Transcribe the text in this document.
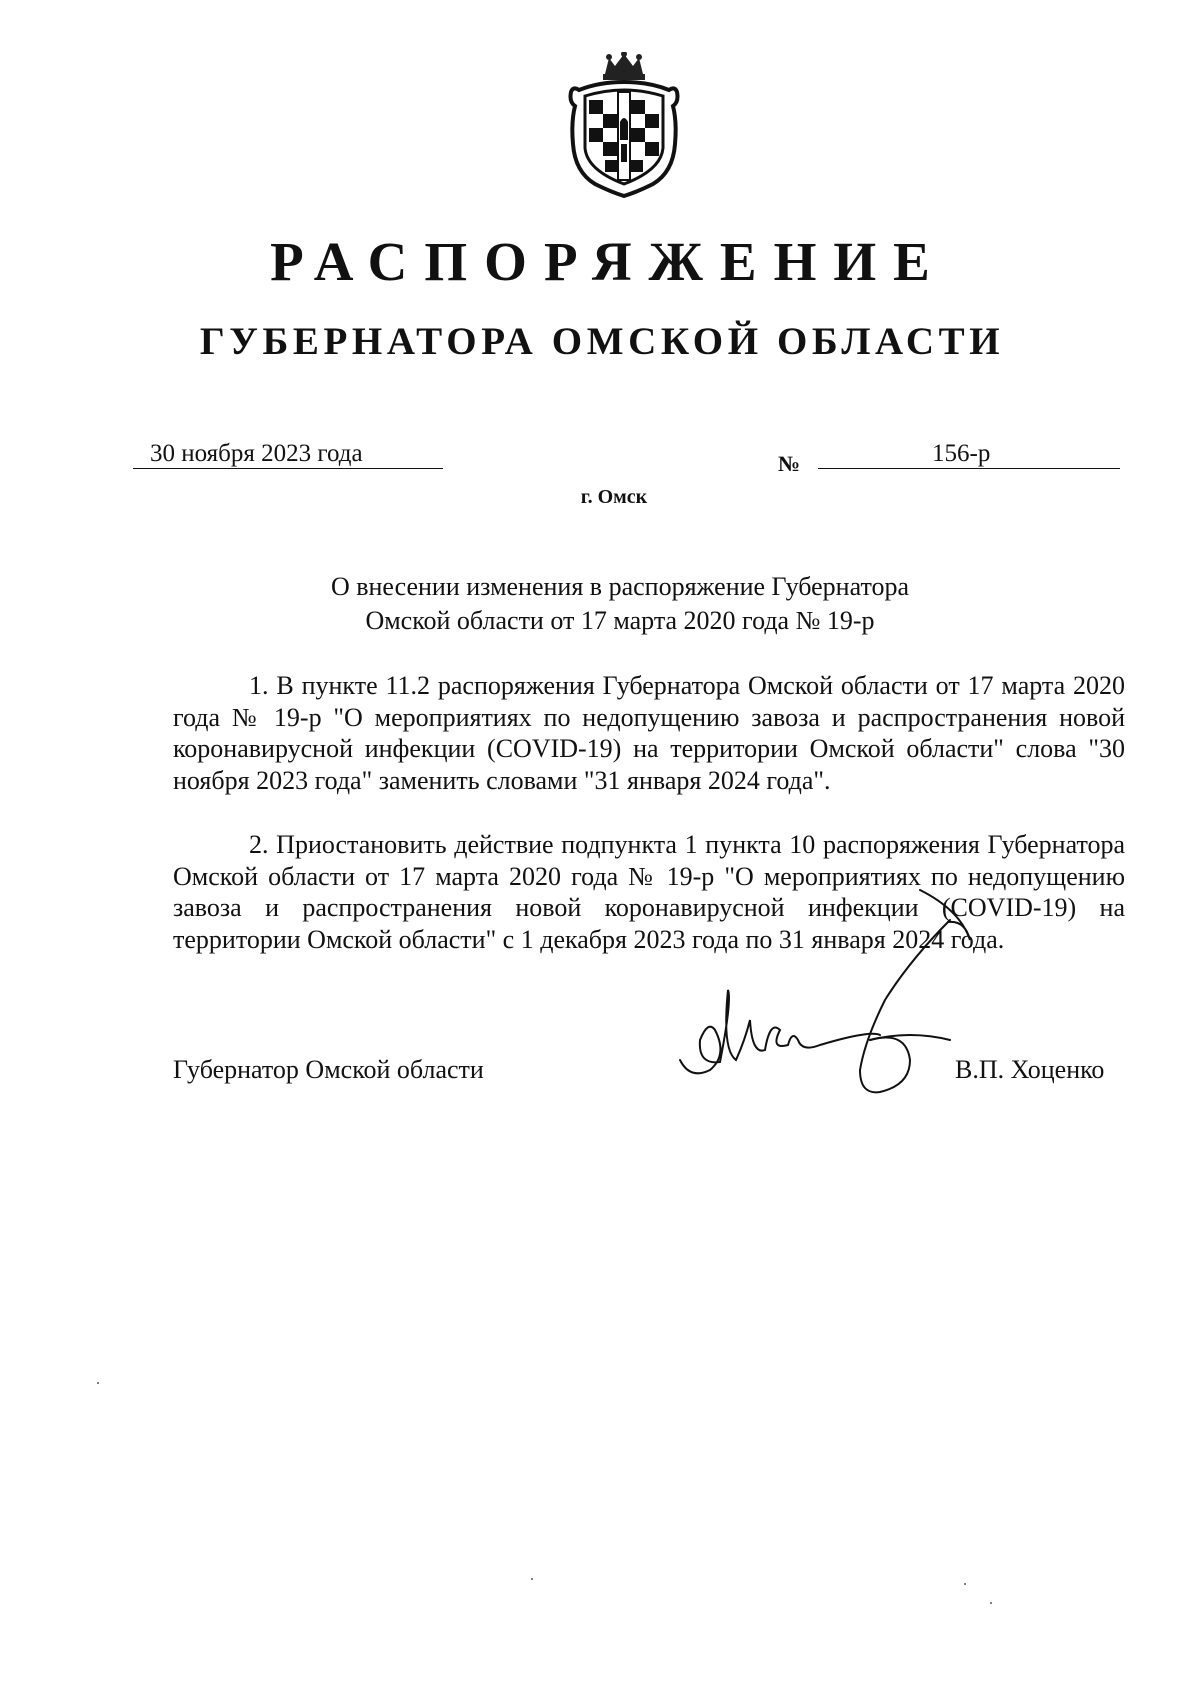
РАСПОРЯЖЕНИЕ
ГУБЕРНАТОРА ОМСКОЙ ОБЛАСТИ
30 ноября 2023 года	№	156-р
г. Омск
О внесении изменения в распоряжение Губернатора
Омской области от 17 марта 2020 года № 19-р
1. В пункте 11.2 распоряжения Губернатора Омской области от 17 марта 2020 года № 19-р "О мероприятиях по недопущению завоза и распространения новой коронавирусной инфекции (COVID-19) на территории Омской области" слова "30 ноября 2023 года" заменить словами "31 января 2024 года".
2. Приостановить действие подпункта 1 пункта 10 распоряжения Губернатора Омской области от 17 марта 2020 года № 19-р "О мероприятиях по недопущению завоза и распространения новой коронавирусной инфекции (COVID-19) на территории Омской области" с 1 декабря 2023 года по 31 января 2024 года.
Губернатор Омской области	В.П. Хоценко
